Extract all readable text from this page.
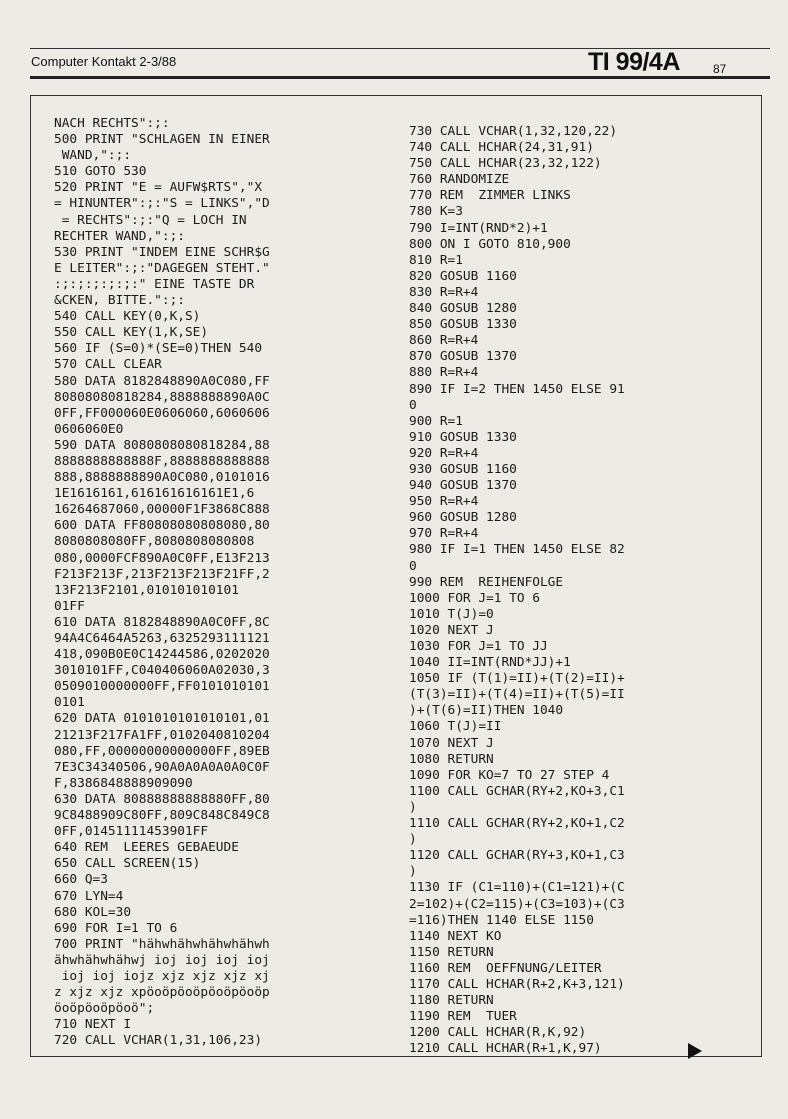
Computer Kontakt 2-3/88	TI 99/4A	87
NACH RECHTS":;:
500 PRINT "SCHLAGEN IN EINER
WAND,":;:
510 GOTO 530
520 PRINT "E = AUFW$RTS","X
= HINUNTER":;:"S = LINKS","D
= RECHTS":;:"Q = LOCH IN
RECHTER WAND,":;:
530 PRINT "INDEM EINE SCHR$G
E LEITER":;:"DAGEGEN STEHT."
:;:;:;:;:;:" EINE TASTE DR
&CKEN, BITTE.":;:
540 CALL KEY(0,K,S)
550 CALL KEY(1,K,SE)
560 IF (S=0)*(SE=0)THEN 540
570 CALL CLEAR
580 DATA 8182848890A0C080,FF
80808080818284,8888888890A0C
0FF,FF000060E0606060,6060606
0606060E0
590 DATA 8080808080818284,88
8888888888888F,8888888888888
888,8888888890A0C080,0101016
1E1616161,616161616161E1,6
16264687060,00000F1F3868C888
600 DATA FF80808080808080,80
8080808080FF,8080808080808
080,0000FCF890A0C0FF,E13F213
F213F213F,213F213F213F21FF,2
13F213F2101,010101010101
01FF
610 DATA 8182848890A0C0FF,8C
94A4C6464A5263,6325293111121
418,090B0E0C14244586,0202020
3010101FF,C040406060A02030,3
0509010000000FF,FF0101010101
0101
620 DATA 0101010101010101,01
21213F217FA1FF,0102040810204
080,FF,00000000000000FF,89EB
7E3C34340506,90A0A0A0A0A0C0F
F,8386848888909090
630 DATA 80888888888880FF,80
9C8488909C80FF,809C848C849C8
0FF,01451111453901FF
640 REM  LEERES GEBAEUDE
650 CALL SCREEN(15)
660 Q=3
670 LYN=4
680 KOL=30
690 FOR I=1 TO 6
700 PRINT "hähwhähwhähwhähwh
ähwhähwhähwj ioj ioj ioj ioj
ioj ioj iojz xjz xjz xjz xj
z xjz xjz xpöoöpöoöpöoöpöoöp
öoöpöoöpöoö";
710 NEXT I
720 CALL VCHAR(1,31,106,23)
730 CALL VCHAR(1,32,120,22)
740 CALL HCHAR(24,31,91)
750 CALL HCHAR(23,32,122)
760 RANDOMIZE
770 REM  ZIMMER LINKS
780 K=3
790 I=INT(RND*2)+1
800 ON I GOTO 810,900
810 R=1
820 GOSUB 1160
830 R=R+4
840 GOSUB 1280
850 GOSUB 1330
860 R=R+4
870 GOSUB 1370
880 R=R+4
890 IF I=2 THEN 1450 ELSE 91
0
900 R=1
910 GOSUB 1330
920 R=R+4
930 GOSUB 1160
940 GOSUB 1370
950 R=R+4
960 GOSUB 1280
970 R=R+4
980 IF I=1 THEN 1450 ELSE 82
0
990 REM  REIHENFOLGE
1000 FOR J=1 TO 6
1010 T(J)=0
1020 NEXT J
1030 FOR J=1 TO JJ
1040 II=INT(RND*JJ)+1
1050 IF (T(1)=II)+(T(2)=II)+
(T(3)=II)+(T(4)=II)+(T(5)=II
)+(T(6)=II)THEN 1040
1060 T(J)=II
1070 NEXT J
1080 RETURN
1090 FOR KO=7 TO 27 STEP 4
1100 CALL GCHAR(RY+2,KO+3,C1
)
1110 CALL GCHAR(RY+2,KO+1,C2
)
1120 CALL GCHAR(RY+3,KO+1,C3
)
1130 IF (C1=110)+(C1=121)+(C
2=102)+(C2=115)+(C3=103)+(C3
=116)THEN 1140 ELSE 1150
1140 NEXT KO
1150 RETURN
1160 REM  OEFFNUNG/LEITER
1170 CALL HCHAR(R+2,K+3,121)
1180 RETURN
1190 REM  TUER
1200 CALL HCHAR(R,K,92)
1210 CALL HCHAR(R+1,K,97)
